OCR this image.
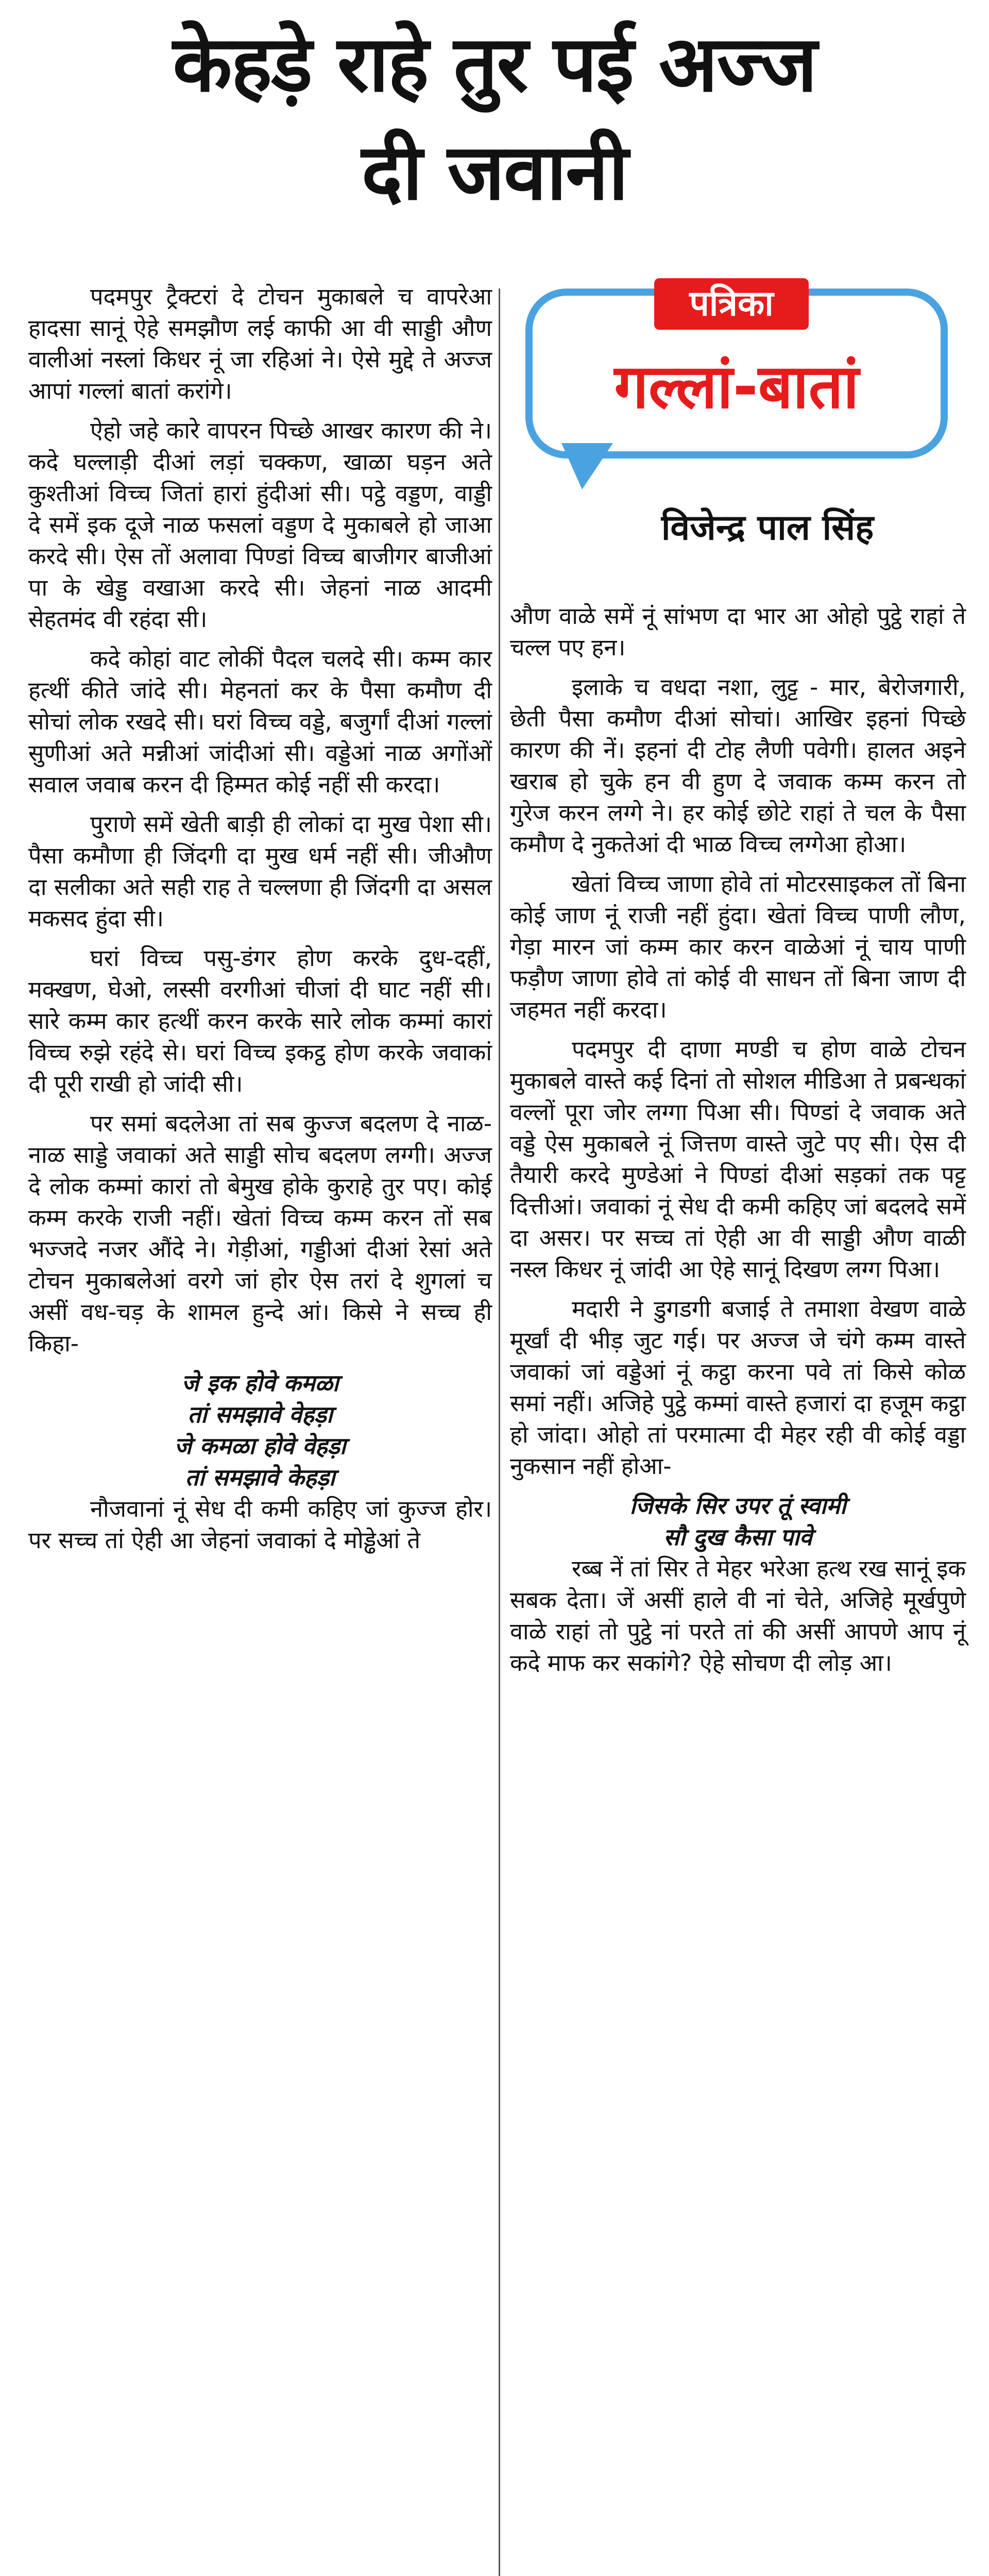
केहड़े राहे तुर पई अज्ज
दी जवानी

पदमपुर ट्रैक्टरां दे टोचन मुकाबले च वापरेआ हादसा सानूं ऐहे समझौण लई काफी आ वी साड्डी औण वालीआं नस्लां किधर नूं जा रहिआं ने। ऐसे मुद्दे ते अज्ज आपां गल्लां बातां करांगे।

ऐहो जहे कारे वापरन पिच्छे आखर कारण की ने। कदे घल्लाड़ी दीआं लड़ां चक्कण, खाळा घड़न अते कुश्तीआं विच्च जितां हारां हुंदीआं सी। पट्ठे वड्डण, वाड्डी दे समें इक दूजे नाळ फसलां वड्डण दे मुकाबले हो जाआ करदे सी। ऐस तों अलावा पिण्डां विच्च बाजीगर बाजीआं पा के खेड्ड वखाआ करदे सी। जेहनां नाळ आदमी सेहतमंद वी रहंदा सी।

कदे कोहां वाट लोकीं पैदल चलदे सी। कम्म कार हत्थीं कीते जांदे सी। मेहनतां कर के पैसा कमौण दी सोचां लोक रखदे सी। घरां विच्च वड्डे, बजुर्गां दीआं गल्लां सुणीआं अते मन्नीआं जांदीआं सी। वड्डेआं नाळ अगोंओं सवाल जवाब करन दी हिम्मत कोई नहीं सी करदा।

पुराणे समें खेती बाड़ी ही लोकां दा मुख पेशा सी। पैसा कमौणा ही जिंदगी दा मुख धर्म नहीं सी। जीऔण दा सलीका अते सही राह ते चल्लणा ही जिंदगी दा असल मकसद हुंदा सी।

घरां विच्च पसु-डंगर होण करके दुध-दहीं, मक्खण, घेओ, लस्सी वरगीआं चीजां दी घाट नहीं सी। सारे कम्म कार हत्थीं करन करके सारे लोक कम्मां कारां विच्च रुझे रहंदे से। घरां विच्च इकट्ठ होण करके जवाकां दी पूरी राखी हो जांदी सी।

पर समां बदलेआ तां सब कुज्ज बदलण दे नाळ-नाळ साड्डे जवाकां अते साड्डी सोच बदलण लग्गी। अज्ज दे लोक कम्मां कारां तो बेमुख होके कुराहे तुर पए। कोई कम्म करके राजी नहीं। खेतां विच्च कम्म करन तों सब भज्जदे नजर औंदे ने। गेड़ीआं, गड्डीआं दीआं रेसां अते टोचन मुकाबलेआं वरगे जां होर ऐस तरां दे शुगलां च असीं वध-चड़ के शामल हुन्दे आं। किसे ने सच्च ही किहा-

जे इक होवे कमळा

तां समझावे वेहड़ा

जे कमळा होवे वेहड़ा

तां समझावे केहड़ा

नौजवानां नूं सेध दी कमी कहिए जां कुज्ज होर। पर सच्च तां ऐही आ जेहनां जवाकां दे मोड्ढेआं ते

पत्रिका
गल्लां-बातां
विजेन्द्र पाल सिंह

औण वाळे समें नूं सांभण दा भार आ ओहो पुट्ठे राहां ते चल्ल पए हन।

इलाके च वधदा नशा, लुट्ट - मार, बेरोजगारी, छेती पैसा कमौण दीआं सोचां। आखिर इहनां पिच्छे कारण की नें। इहनां दी टोह लैणी पवेगी। हालत अइने खराब हो चुके हन वी हुण दे जवाक कम्म करन तो गुरेज करन लग्गे ने। हर कोई छोटे राहां ते चल के पैसा कमौण दे नुकतेआं दी भाळ विच्च लग्गेआ होआ।

खेतां विच्च जाणा होवे तां मोटरसाइकल तों बिना कोई जाण नूं राजी नहीं हुंदा। खेतां विच्च पाणी लौण, गेड़ा मारन जां कम्म कार करन वाळेआं नूं चाय पाणी फड़ौण जाणा होवे तां कोई वी साधन तों बिना जाण दी जहमत नहीं करदा।

पदमपुर दी दाणा मण्डी च होण वाळे टोचन मुकाबले वास्ते कई दिनां तो सोशल मीडिआ ते प्रबन्धकां वल्लों पूरा जोर लग्गा पिआ सी। पिण्डां दे जवाक अते वड्डे ऐस मुकाबले नूं जित्तण वास्ते जुटे पए सी। ऐस दी तैयारी करदे मुण्डेआं ने पिण्डां दीआं सड़कां तक पट्ट दित्तीआं। जवाकां नूं सेध दी कमी कहिए जां बदलदे समें दा असर। पर सच्च तां ऐही आ वी साड्डी औण वाळी नस्ल किधर नूं जांदी आ ऐहे सानूं दिखण लग्ग पिआ।

मदारी ने डुगडगी बजाई ते तमाशा वेखण वाळे मूर्खां दी भीड़ जुट गई। पर अज्ज जे चंगे कम्म वास्ते जवाकां जां वड्डेआं नूं कट्ठा करना पवे तां किसे कोळ समां नहीं। अजिहे पुट्ठे कम्मां वास्ते हजारां दा हजूम कट्ठा हो जांदा। ओहो तां परमात्मा दी मेहर रही वी कोई वड्डा नुकसान नहीं होआ-

जिसके सिर उपर तूं स्वामी

सौ दुख कैसा पावे

रब्ब नें तां सिर ते मेहर भरेआ हत्थ रख सानूं इक सबक देता। जें असीं हाले वी नां चेते, अजिहे मूर्खपुणे वाळे राहां तो पुट्ठे नां परते तां की असीं आपणे आप नूं कदे माफ कर सकांगे? ऐहे सोचण दी लोड़ आ।
